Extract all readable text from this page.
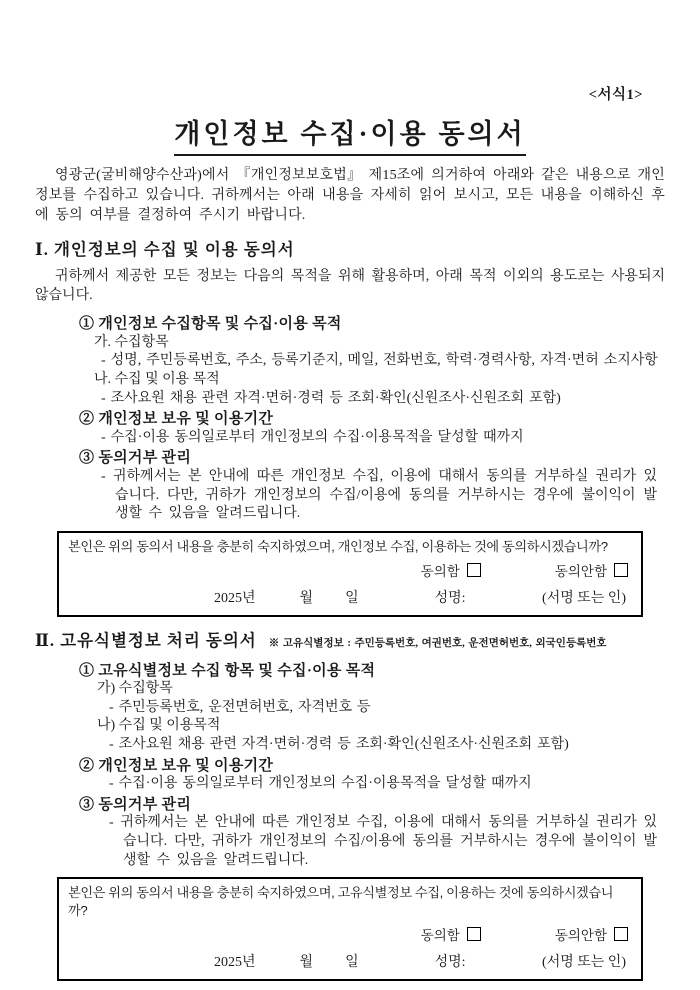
<서식1>
개인정보 수집·이용 동의서

영광군(굴비해양수산과)에서 『개인정보보호법』 제15조에 의거하여 아래와 같은 내용으로 개인정보를 수집하고 있습니다. 귀하께서는 아래 내용을 자세히 읽어 보시고, 모든 내용을 이해하신 후에 동의 여부를 결정하여 주시기 바랍니다.

Ⅰ. 개인정보의 수집 및 이용 동의서

귀하께서 제공한 모든 정보는 다음의 목적을 위해 활용하며, 아래 목적 이외의 용도로는 사용되지 않습니다.

① 개인정보 수집항목 및 수집·이용 목적
가. 수집항목
- 성명, 주민등록번호, 주소, 등록기준지, 메일, 전화번호, 학력·경력사항, 자격·면허 소지사항
나. 수집 및 이용 목적
- 조사요원 채용 관련 자격·면허·경력 등 조회·확인(신원조사·신원조회 포함)
② 개인정보 보유 및 이용기간
- 수집·이용 동의일로부터 개인정보의 수집·이용목적을 달성할 때까지
③ 동의거부 관리
- 귀하께서는 본 안내에 따른 개인정보 수집, 이용에 대해서 동의를 거부하실 권리가 있습니다. 다만, 귀하가 개인정보의 수집/이용에 동의를 거부하시는 경우에 불이익이 발생할 수 있음을 알려드립니다.
본인은 위의 동의서 내용을 충분히 숙지하였으며, 개인정보 수집, 이용하는 것에 동의하시겠습니까?
동의함	동의안함
2025년	월 일	성명:	(서명 또는 인)
Ⅱ. 고유식별정보 처리 동의서 ※ 고유식별정보 : 주민등록번호, 여권번호, 운전면허번호, 외국인등록번호
① 고유식별정보 수집 항목 및 수집·이용 목적
가) 수집항목
- 주민등록번호, 운전면허번호, 자격번호 등
나) 수집 및 이용목적
- 조사요원 채용 관련 자격·면허·경력 등 조회·확인(신원조사·신원조회 포함)
② 개인정보 보유 및 이용기간
- 수집·이용 동의일로부터 개인정보의 수집·이용목적을 달성할 때까지
③ 동의거부 관리
- 귀하께서는 본 안내에 따른 개인정보 수집, 이용에 대해서 동의를 거부하실 권리가 있습니다. 다만, 귀하가 개인정보의 수집/이용에 동의를 거부하시는 경우에 불이익이 발생할 수 있음을 알려드립니다.
본인은 위의 동의서 내용을 충분히 숙지하였으며, 고유식별정보 수집, 이용하는 것에 동의하시겠습니까?
동의함	동의안함
2025년	월 일	성명:	(서명 또는 인)
